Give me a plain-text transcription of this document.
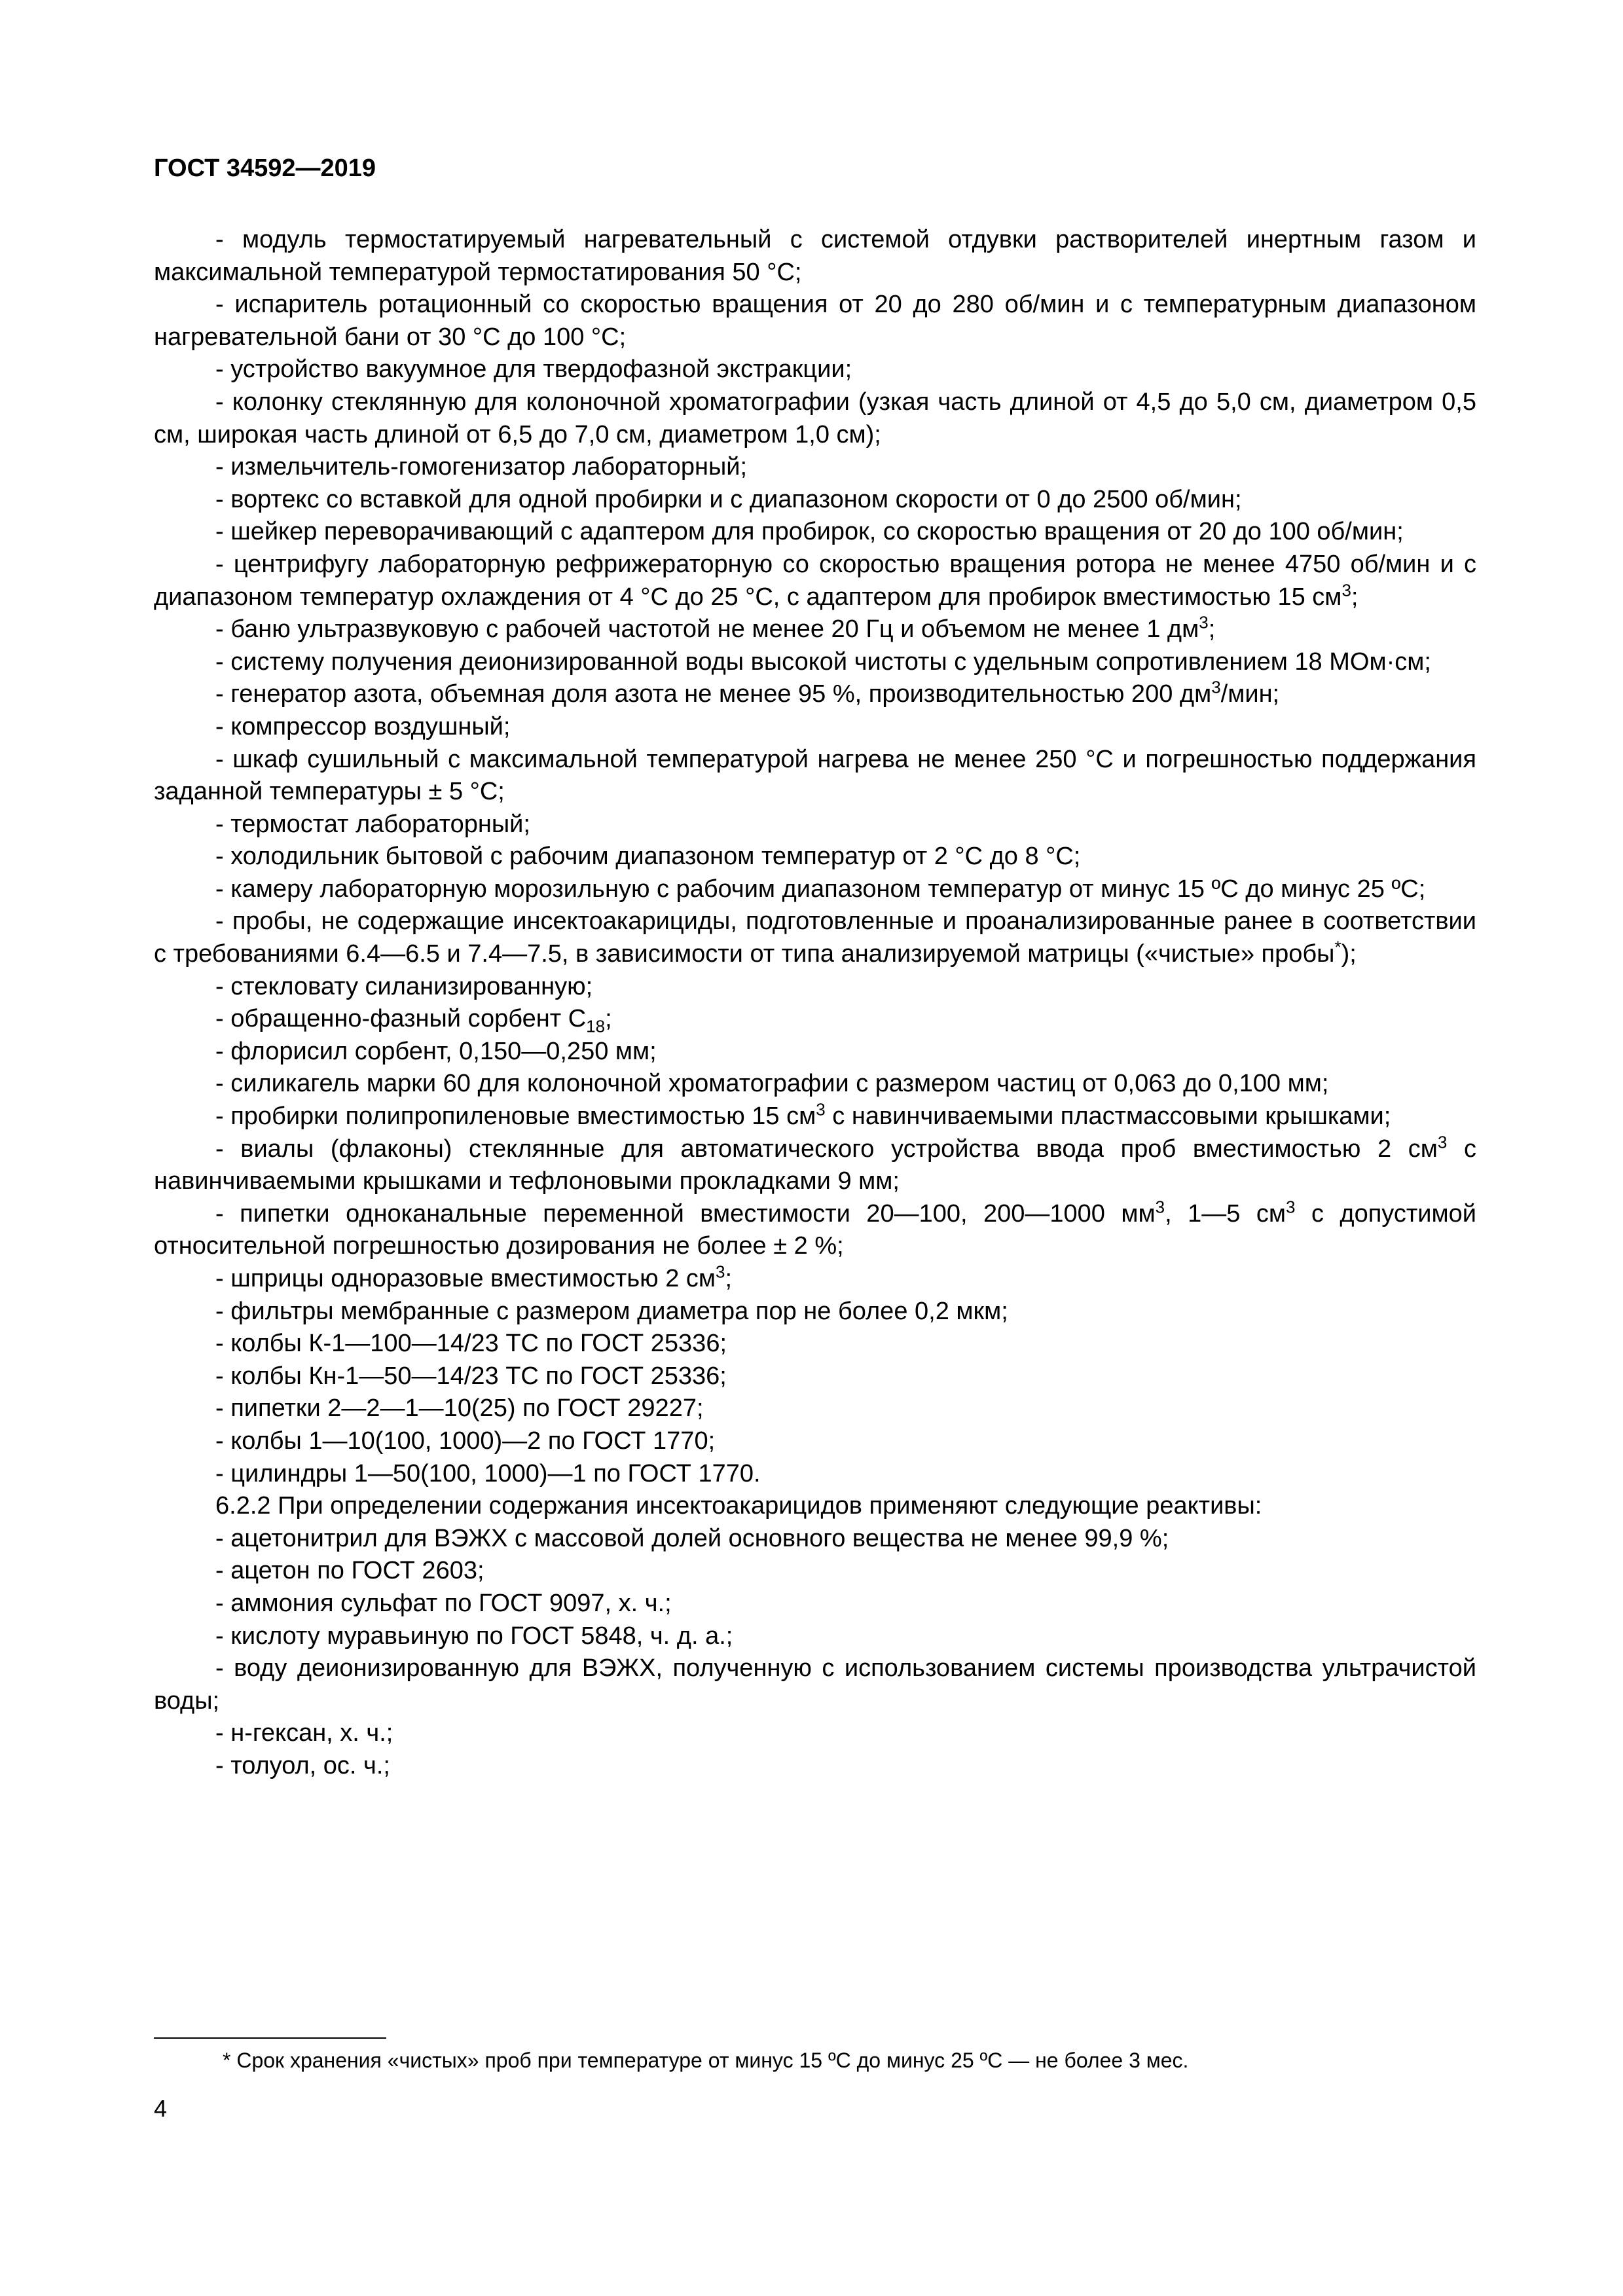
ГОСТ 34592—2019

- модуль термостатируемый нагревательный с системой отдувки растворителей инертным газом и максимальной температурой термостатирования 50 °С;

- испаритель ротационный со скоростью вращения от 20 до 280 об/мин и с температурным диапазоном нагревательной бани от 30 °С до 100 °С;

- устройство вакуумное для твердофазной экстракции;

- колонку стеклянную для колоночной хроматографии (узкая часть длиной от 4,5 до 5,0 см, диаметром 0,5 см, широкая часть длиной от 6,5 до 7,0 см, диаметром 1,0 см);

- измельчитель-гомогенизатор лабораторный;

- вортекс со вставкой для одной пробирки и с диапазоном скорости от 0 до 2500 об/мин;

- шейкер переворачивающий с адаптером для пробирок, со скоростью вращения от 20 до 100 об/мин;

- центрифугу лабораторную рефрижераторную со скоростью вращения ротора не менее 4750 об/мин и с диапазоном температур охлаждения от 4 °С до 25 °С, с адаптером для пробирок вместимостью 15 $см^3$;

- баню ультразвуковую с рабочей частотой не менее 20 Гц и объемом не менее 1 $дм^3$;

- систему получения деионизированной воды высокой чистоты с удельным сопротивлением 18 МОм·см;

- генератор азота, объемная доля азота не менее 95 %, производительностью 200 $дм^3$/мин;

- компрессор воздушный;

- шкаф сушильный с максимальной температурой нагрева не менее 250 °С и погрешностью поддержания заданной температуры ± 5 °С;

- термостат лабораторный;

- холодильник бытовой с рабочим диапазоном температур от 2 °С до 8 °С;

- камеру лабораторную морозильную с рабочим диапазоном температур от минус 15 ºС до минус 25 ºС;

- пробы, не содержащие инсектоакарициды, подготовленные и проанализированные ранее в соответствии с требованиями 6.4—6.5 и 7.4—7.5, в зависимости от типа анализируемой матрицы («чистые» пробы*);

- стекловату силанизированную;

- обращенно-фазный сорбент $С_{18}$;

- флорисил сорбент, 0,150—0,250 мм;

- силикагель марки 60 для колоночной хроматографии с размером частиц от 0,063 до 0,100 мм;

- пробирки полипропиленовые вместимостью 15 $см^3$ с навинчиваемыми пластмассовыми крышками;

- виалы (флаконы) стеклянные для автоматического устройства ввода проб вместимостью 2 $см^3$ с навинчиваемыми крышками и тефлоновыми прокладками 9 мм;

- пипетки одноканальные переменной вместимости 20—100, 200—1000 $мм^3$, 1—5 $см^3$ с допустимой относительной погрешностью дозирования не более ± 2 %;

- шприцы одноразовые вместимостью 2 $см^3$;

- фильтры мембранные с размером диаметра пор не более 0,2 мкм;

- колбы К-1—100—14/23 ТС по ГОСТ 25336;

- колбы Кн-1—50—14/23 ТС по ГОСТ 25336;

- пипетки 2—2—1—10(25) по ГОСТ 29227;

- колбы 1—10(100, 1000)—2 по ГОСТ 1770;

- цилиндры 1—50(100, 1000)—1 по ГОСТ 1770.

6.2.2 При определении содержания инсектоакарицидов применяют следующие реактивы:

- ацетонитрил для ВЭЖХ с массовой долей основного вещества не менее 99,9 %;

- ацетон по ГОСТ 2603;

- аммония сульфат по ГОСТ 9097, х. ч.;

- кислоту муравьиную по ГОСТ 5848, ч. д. а.;

- воду деионизированную для ВЭЖХ, полученную с использованием системы производства ультрачистой воды;

- н-гексан, х. ч.;

- толуол, ос. ч.;

* Срок хранения «чистых» проб при температуре от минус 15 ºС до минус 25 ºС — не более 3 мес.

4
